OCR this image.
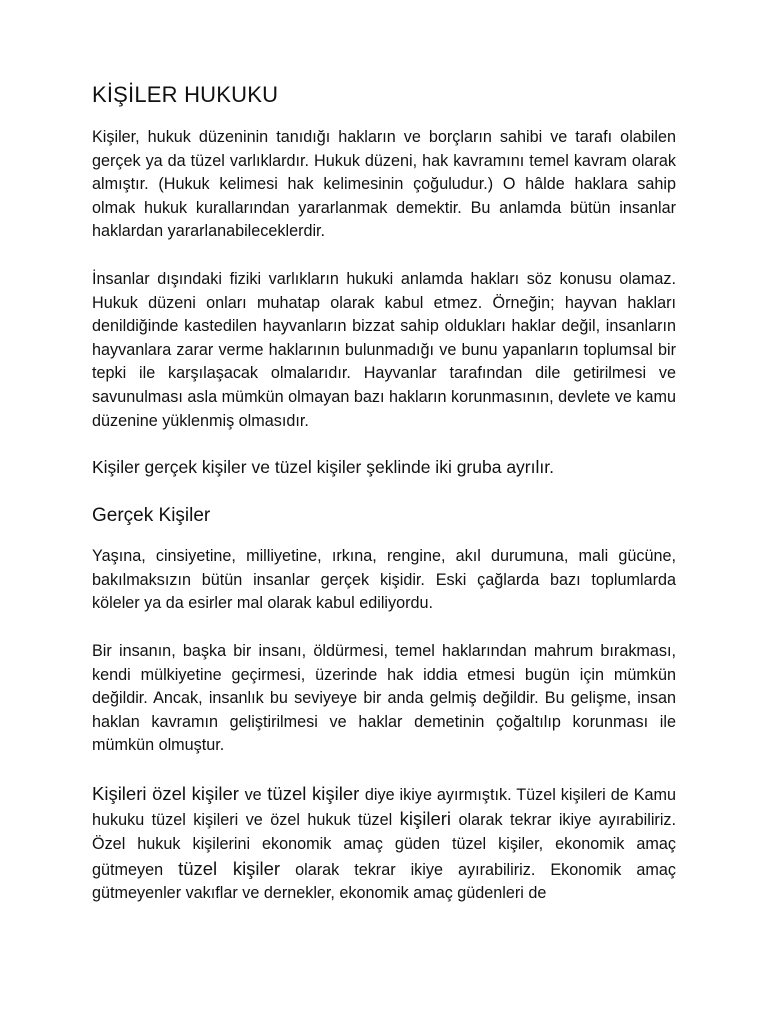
KİŞİLER HUKUKU

Kişiler, hukuk düzeninin tanıdığı hakların ve borçların sahibi ve tarafı olabilen gerçek ya da tüzel varlıklardır. Hukuk düzeni, hak kavramını temel kavram olarak almıştır. (Hukuk kelimesi hak kelimesinin çoğuludur.) O hâlde haklara sahip olmak hukuk kurallarından yararlanmak demektir. Bu anlamda bütün insanlar haklardan yararlanabileceklerdir.

İnsanlar dışındaki fiziki varlıkların hukuki anlamda hakları söz konusu olamaz. Hukuk düzeni onları muhatap olarak kabul etmez. Örneğin; hayvan hakları denildiğinde kastedilen hayvanların bizzat sahip oldukları haklar değil, insanların hayvanlara zarar verme haklarının bulunmadığı ve bunu yapanların toplumsal bir tepki ile karşılaşacak olmalarıdır. Hayvanlar tarafından dile getirilmesi ve savunulması asla mümkün olmayan bazı hakların korunmasının, devlete ve kamu düzenine yüklenmiş olmasıdır.

Kişiler gerçek kişiler ve tüzel kişiler şeklinde iki gruba ayrılır.

Gerçek Kişiler

Yaşına, cinsiyetine, milliyetine, ırkına, rengine, akıl durumuna, mali gücüne, bakılmaksızın bütün insanlar gerçek kişidir. Eski çağlarda bazı toplumlarda köleler ya da esirler mal olarak kabul ediliyordu.

Bir insanın, başka bir insanı, öldürmesi, temel haklarından mahrum bırakması, kendi mülkiyetine geçirmesi, üzerinde hak iddia etmesi bugün için mümkün değildir. Ancak, insanlık bu seviyeye bir anda gelmiş değildir. Bu gelişme, insan haklan kavramın geliştirilmesi ve haklar demetinin çoğaltılıp korunması ile mümkün olmuştur.

Kişileri özel kişiler ve tüzel kişiler diye ikiye ayırmıştık. Tüzel kişileri de Kamu hukuku tüzel kişileri ve özel hukuk tüzel kişileri olarak tekrar ikiye ayırabiliriz. Özel hukuk kişilerini ekonomik amaç güden tüzel kişiler, ekonomik amaç gütmeyen tüzel kişiler olarak tekrar ikiye ayırabiliriz. Ekonomik amaç gütmeyenler vakıflar ve dernekler, ekonomik amaç güdenleri de
